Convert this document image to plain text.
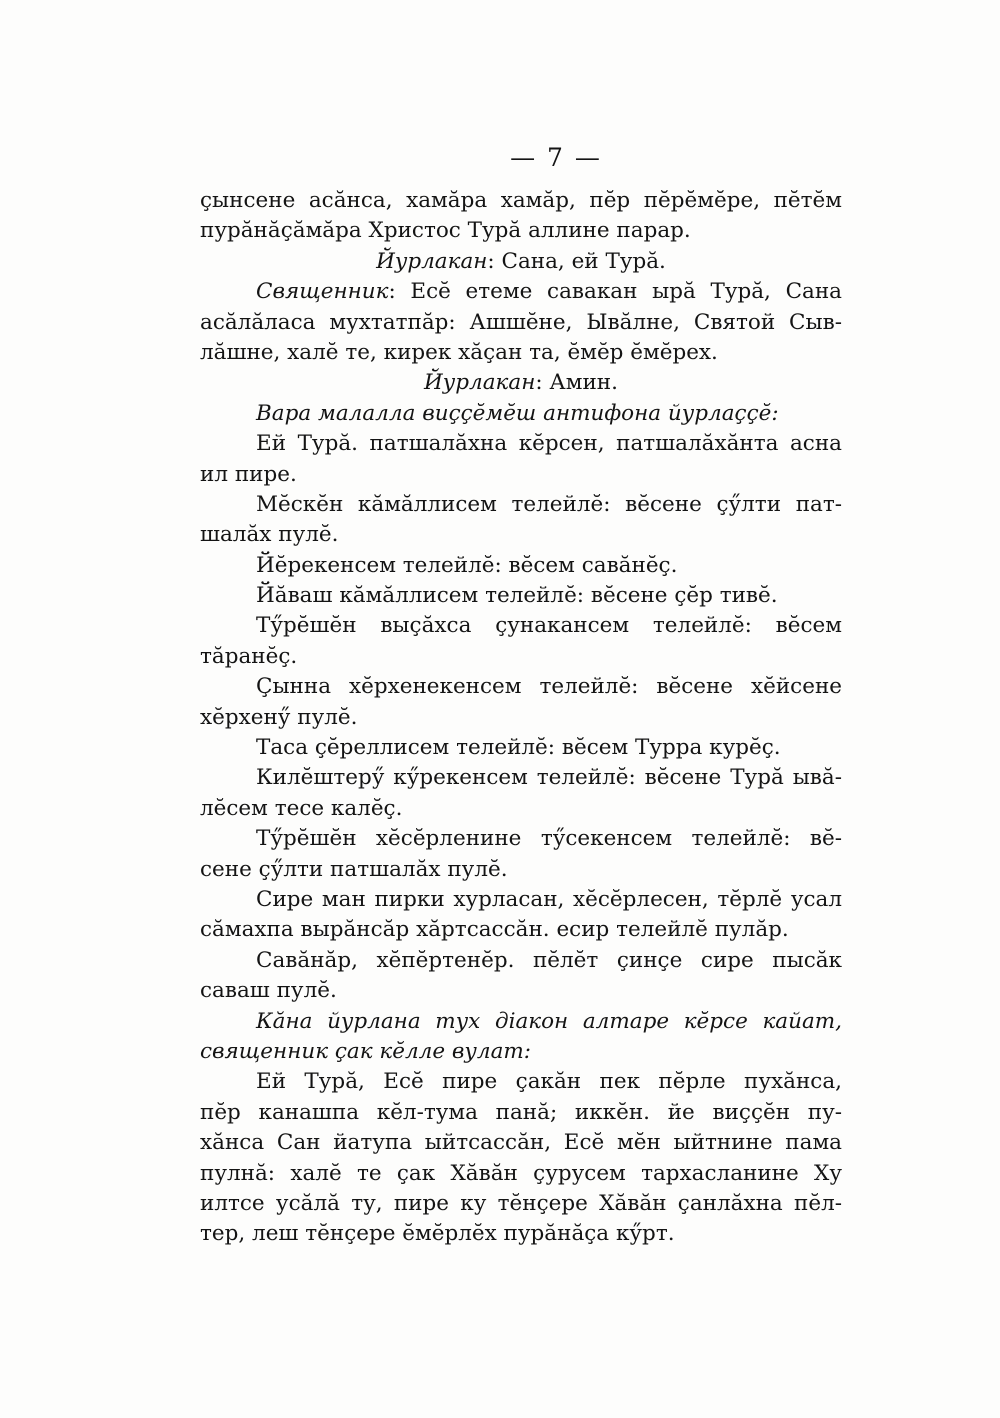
— 7 —
çынсене асӑнса, хамӑра хамӑр, пӗр пӗрӗмӗре, пӗтӗм
пурӑнӑçӑмӑра Христос Турӑ аллине парар.
Йурлакан: Сана, ей Турӑ.
Священник: Есӗ етеме савакан ырӑ Турӑ, Сана
асӑлӑласа мухтатпӑр: Ашшӗне, Ывӑлне, Святой Сыв-
лӑшне, халӗ те, кирек хӑçан та, ӗмӗр ӗмӗрех.
Йурлакан: Амин.
Вара малалла виççӗмӗш антифона йурлаççӗ:
Ей Турӑ. патшалӑхна кӗрсен, патшалӑхӑнта асна
ил пире.
Мӗскӗн кӑмӑллисем телейлӗ: вӗсене çӳлти пат-
шалӑх пулӗ.
Йӗрекенсем телейлӗ: вӗсем савӑнӗç.
Йӑваш кӑмӑллисем телейлӗ: вӗсене çӗр тивӗ.
Тӳрӗшӗн выçӑхса çунакансем телейлӗ: вӗсем
тӑранӗç.
Çынна хӗрхенекенсем телейлӗ: вӗсене хӗйсене
хӗрхенӳ пулӗ.
Таса ҫӗреллисем телейлӗ: вӗсем Турра курӗç.
Килӗштерӳ кӳрекенсем телейлӗ: вӗсене Турӑ ывӑ-
лӗсем тесе калӗç.
Тӳрӗшӗн хӗсӗрленине тӳсекенсем телейлӗ: вӗ-
сене çӳлти патшалӑх пулӗ.
Сире ман пирки хурласан, хӗсӗрлесен, тӗрлӗ усал
сӑмахпа вырӑнсӑр хӑртсассӑн. есир телейлӗ пулӑр.
Савӑнӑр, хӗпӗртенӗр. пӗлӗт çинҫе сире пысӑк
саваш пулӗ.
Кӑна йурлана тух діакон алтаре кӗрсе кайат,
священник çак кӗлле вулат:
Ей Турӑ, Есӗ пире çакӑн пек пӗрле пухӑнса,
пӗр канашпа кӗл-тума панӑ; иккӗн. йе виççӗн пу-
хӑнса Сан йатупа ыйтсассӑн, Есӗ мӗн ыйтнине пама
пулнӑ: халӗ те çак Хӑвӑн ҫурусем тархасланине Ху
илтсе усӑлӑ ту, пире ку тӗнҫере Хӑвӑн ҫанлӑхна пӗл-
тер, леш тӗнҫере ӗмӗрлӗх пурӑнӑçа кӳрт.
